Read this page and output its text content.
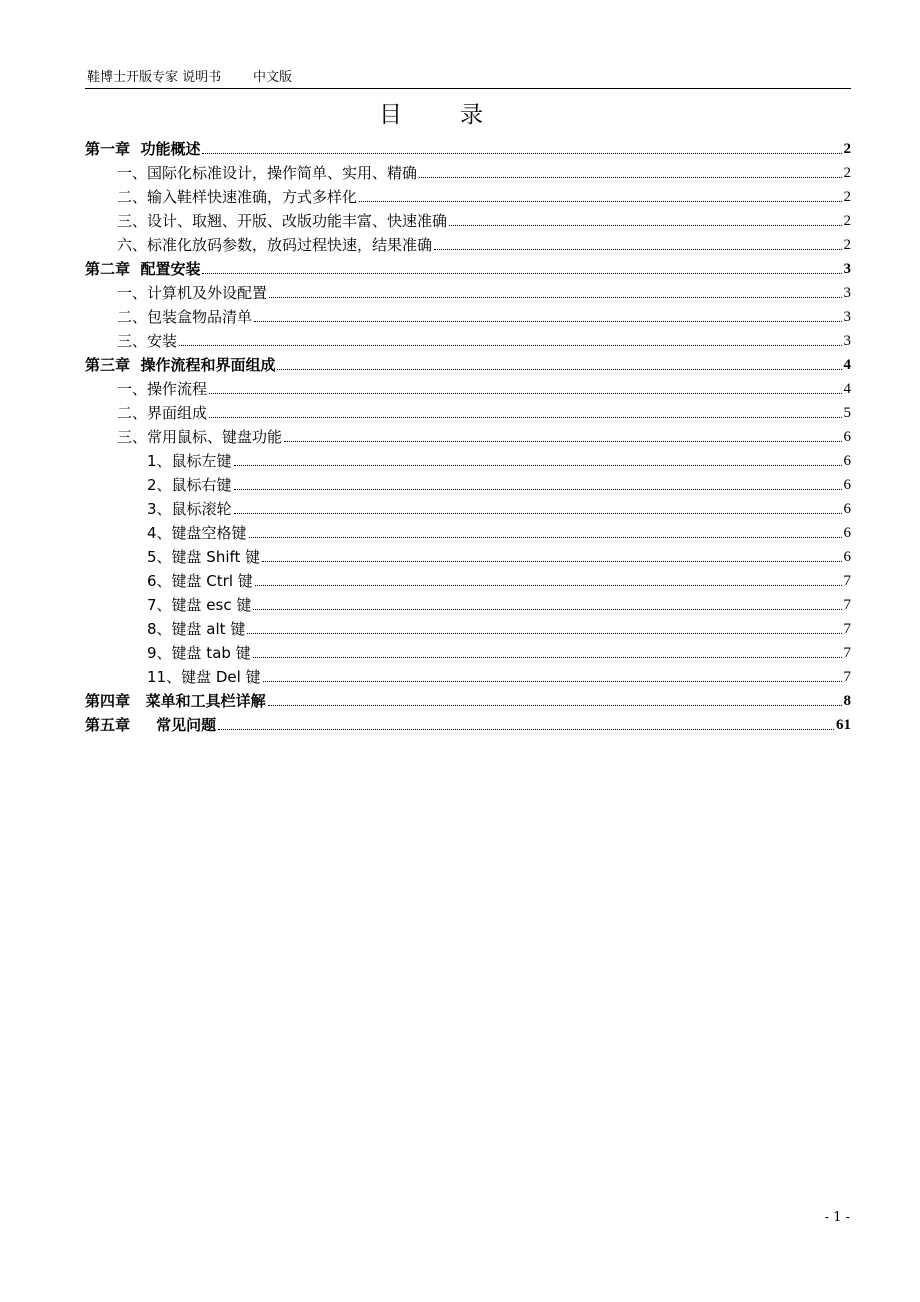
鞋博士开版专家 说明书 中文版
目录
第一章  功能概述	2
一、国际化标准设计，操作简单、实用、精确	2
二、输入鞋样快速准确，方式多样化	2
三、设计、取翘、开版、改版功能丰富、快速准确	2
六、标准化放码参数，放码过程快速，结果准确	2
第二章  配置安装	3
一、计算机及外设配置	3
二、包装盒物品清单	3
三、安装	3
第三章  操作流程和界面组成	4
一、操作流程	4
二、界面组成	5
三、常用鼠标、键盘功能	6
1、鼠标左键	6
2、鼠标右键	6
3、鼠标滚轮	6
4、键盘空格键	6
5、键盘 Shift 键	6
6、键盘 Ctrl 键	7
7、键盘 esc 键	7
8、键盘 alt 键	7
9、键盘 tab 键	7
11、键盘 Del 键	7
第四章   菜单和工具栏详解	8
第五章     常见问题	61
- 1 -
